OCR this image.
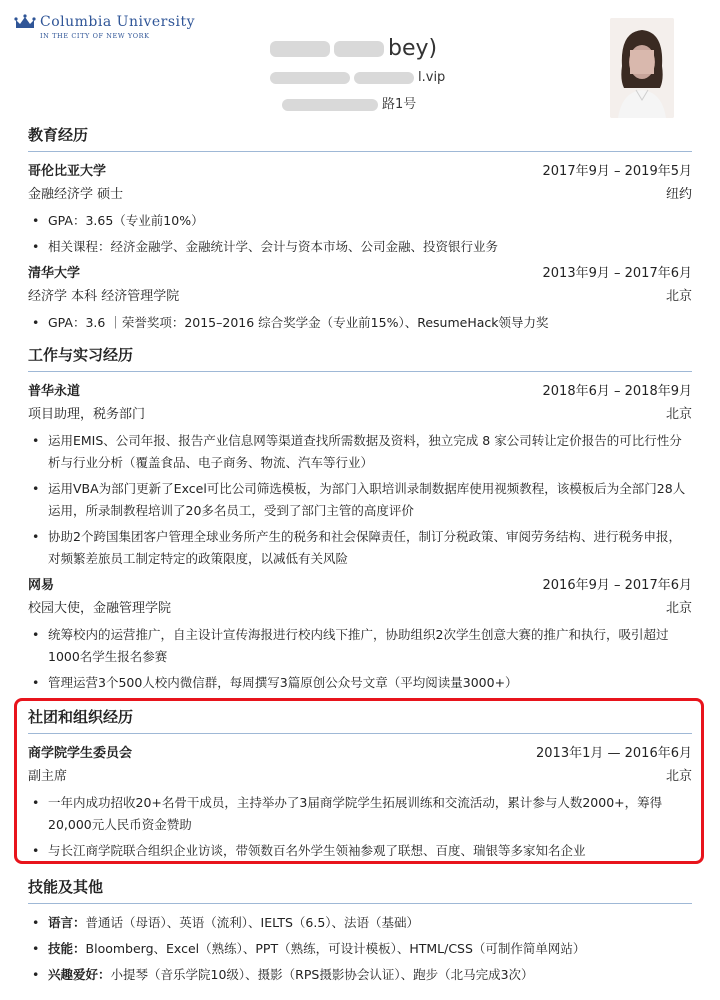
Columbia University
IN THE CITY OF NEW YORK	bey)
l.vip
路1号
教育经历
哥伦比亚大学	2017年9月 – 2019年5月
金融经济学 硕士	纽约
• GPA：3.65（专业前10%）
• 相关课程：经济金融学、金融统计学、会计与资本市场、公司金融、投资银行业务
清华大学	2013年9月 – 2017年6月
经济学 本科 经济管理学院	北京
• GPA：3.6 ｜荣誉奖项：2015–2016 综合奖学金（专业前15%）、ResumeHack领导力奖
工作与实习经历
普华永道	2018年6月 – 2018年9月
项目助理，税务部门	北京
• 运用EMIS、公司年报、报告产业信息网等渠道查找所需数据及资料，独立完成 8 家公司转让定价报告的可比行性分析与行业分析（覆盖食品、电子商务、物流、汽车等行业）
• 运用VBA为部门更新了Excel可比公司筛选模板，为部门入职培训录制数据库使用视频教程，该模板后为全部门28人运用，所录制教程培训了20多名员工，受到了部门主管的高度评价
• 协助2个跨国集团客户管理全球业务所产生的税务和社会保障责任，制订分税政策、审阅劳务结构、进行税务申报，对频繁差旅员工制定特定的政策限度，以减低有关风险
网易	2016年9月 – 2017年6月
校园大使，金融管理学院	北京
• 统筹校内的运营推广，自主设计宣传海报进行校内线下推广，协助组织2次学生创意大赛的推广和执行，吸引超过1000名学生报名参赛
• 管理运营3个500人校内微信群，每周撰写3篇原创公众号文章（平均阅读量3000+）
社团和组织经历
商学院学生委员会	2013年1月 — 2016年6月
副主席	北京
• 一年内成功招收20+名骨干成员，主持举办了3届商学院学生拓展训练和交流活动，累计参与人数2000+，筹得20,000元人民币资金赞助
• 与长江商学院联合组织企业访谈，带领数百名外学生领袖参观了联想、百度、瑞银等多家知名企业
技能及其他
• 语言：普通话（母语）、英语（流利）、IELTS（6.5）、法语（基础）
• 技能：Bloomberg、Excel（熟练）、PPT（熟练，可设计模板）、HTML/CSS（可制作简单网站）
• 兴趣爱好：小提琴（音乐学院10级）、摄影（RPS摄影协会认证）、跑步（北马完成3次）
